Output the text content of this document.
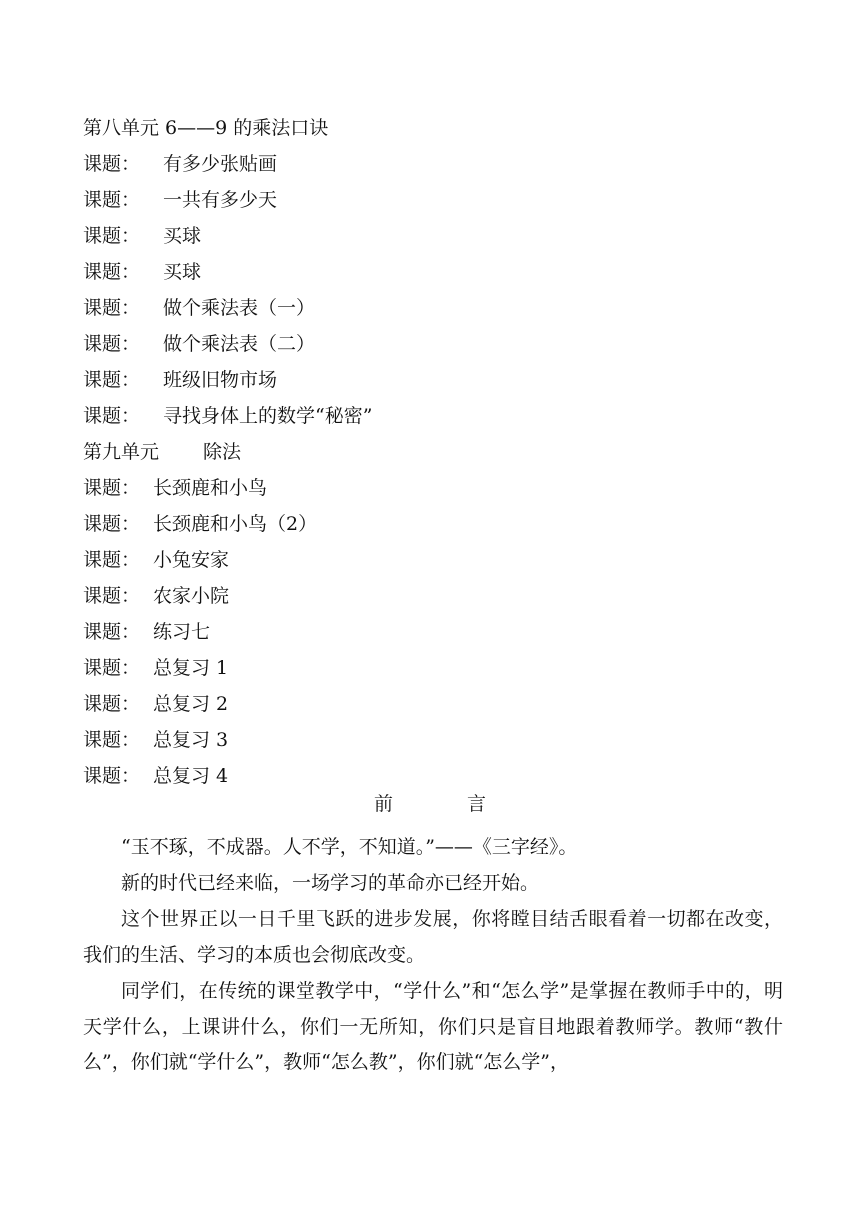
第八单元 6——9 的乘法口诀
课题： 有多少张贴画
课题： 一共有多少天
课题： 买球
课题： 买球
课题： 做个乘法表（一）
课题： 做个乘法表（二）
课题： 班级旧物市场
课题： 寻找身体上的数学“秘密”
第九单元 除法
课题： 长颈鹿和小鸟
课题： 长颈鹿和小鸟（2）
课题： 小兔安家
课题： 农家小院
课题： 练习七
课题： 总复习 1
课题： 总复习 2
课题： 总复习 3
课题： 总复习 4
前	言
“玉不琢，不成器。人不学，不知道。”——《三字经》。
新的时代已经来临，一场学习的革命亦已经开始。
这个世界正以一日千里飞跃的进步发展，你将瞠目结舌眼看着一切都在改变，我们的生活、学习的本质也会彻底改变。
同学们，在传统的课堂教学中，“学什么”和“怎么学”是掌握在教师手中的，明天学什么，上课讲什么，你们一无所知，你们只是盲目地跟着教师学。教师“教什么”，你们就“学什么”，教师“怎么教”，你们就“怎么学”，
